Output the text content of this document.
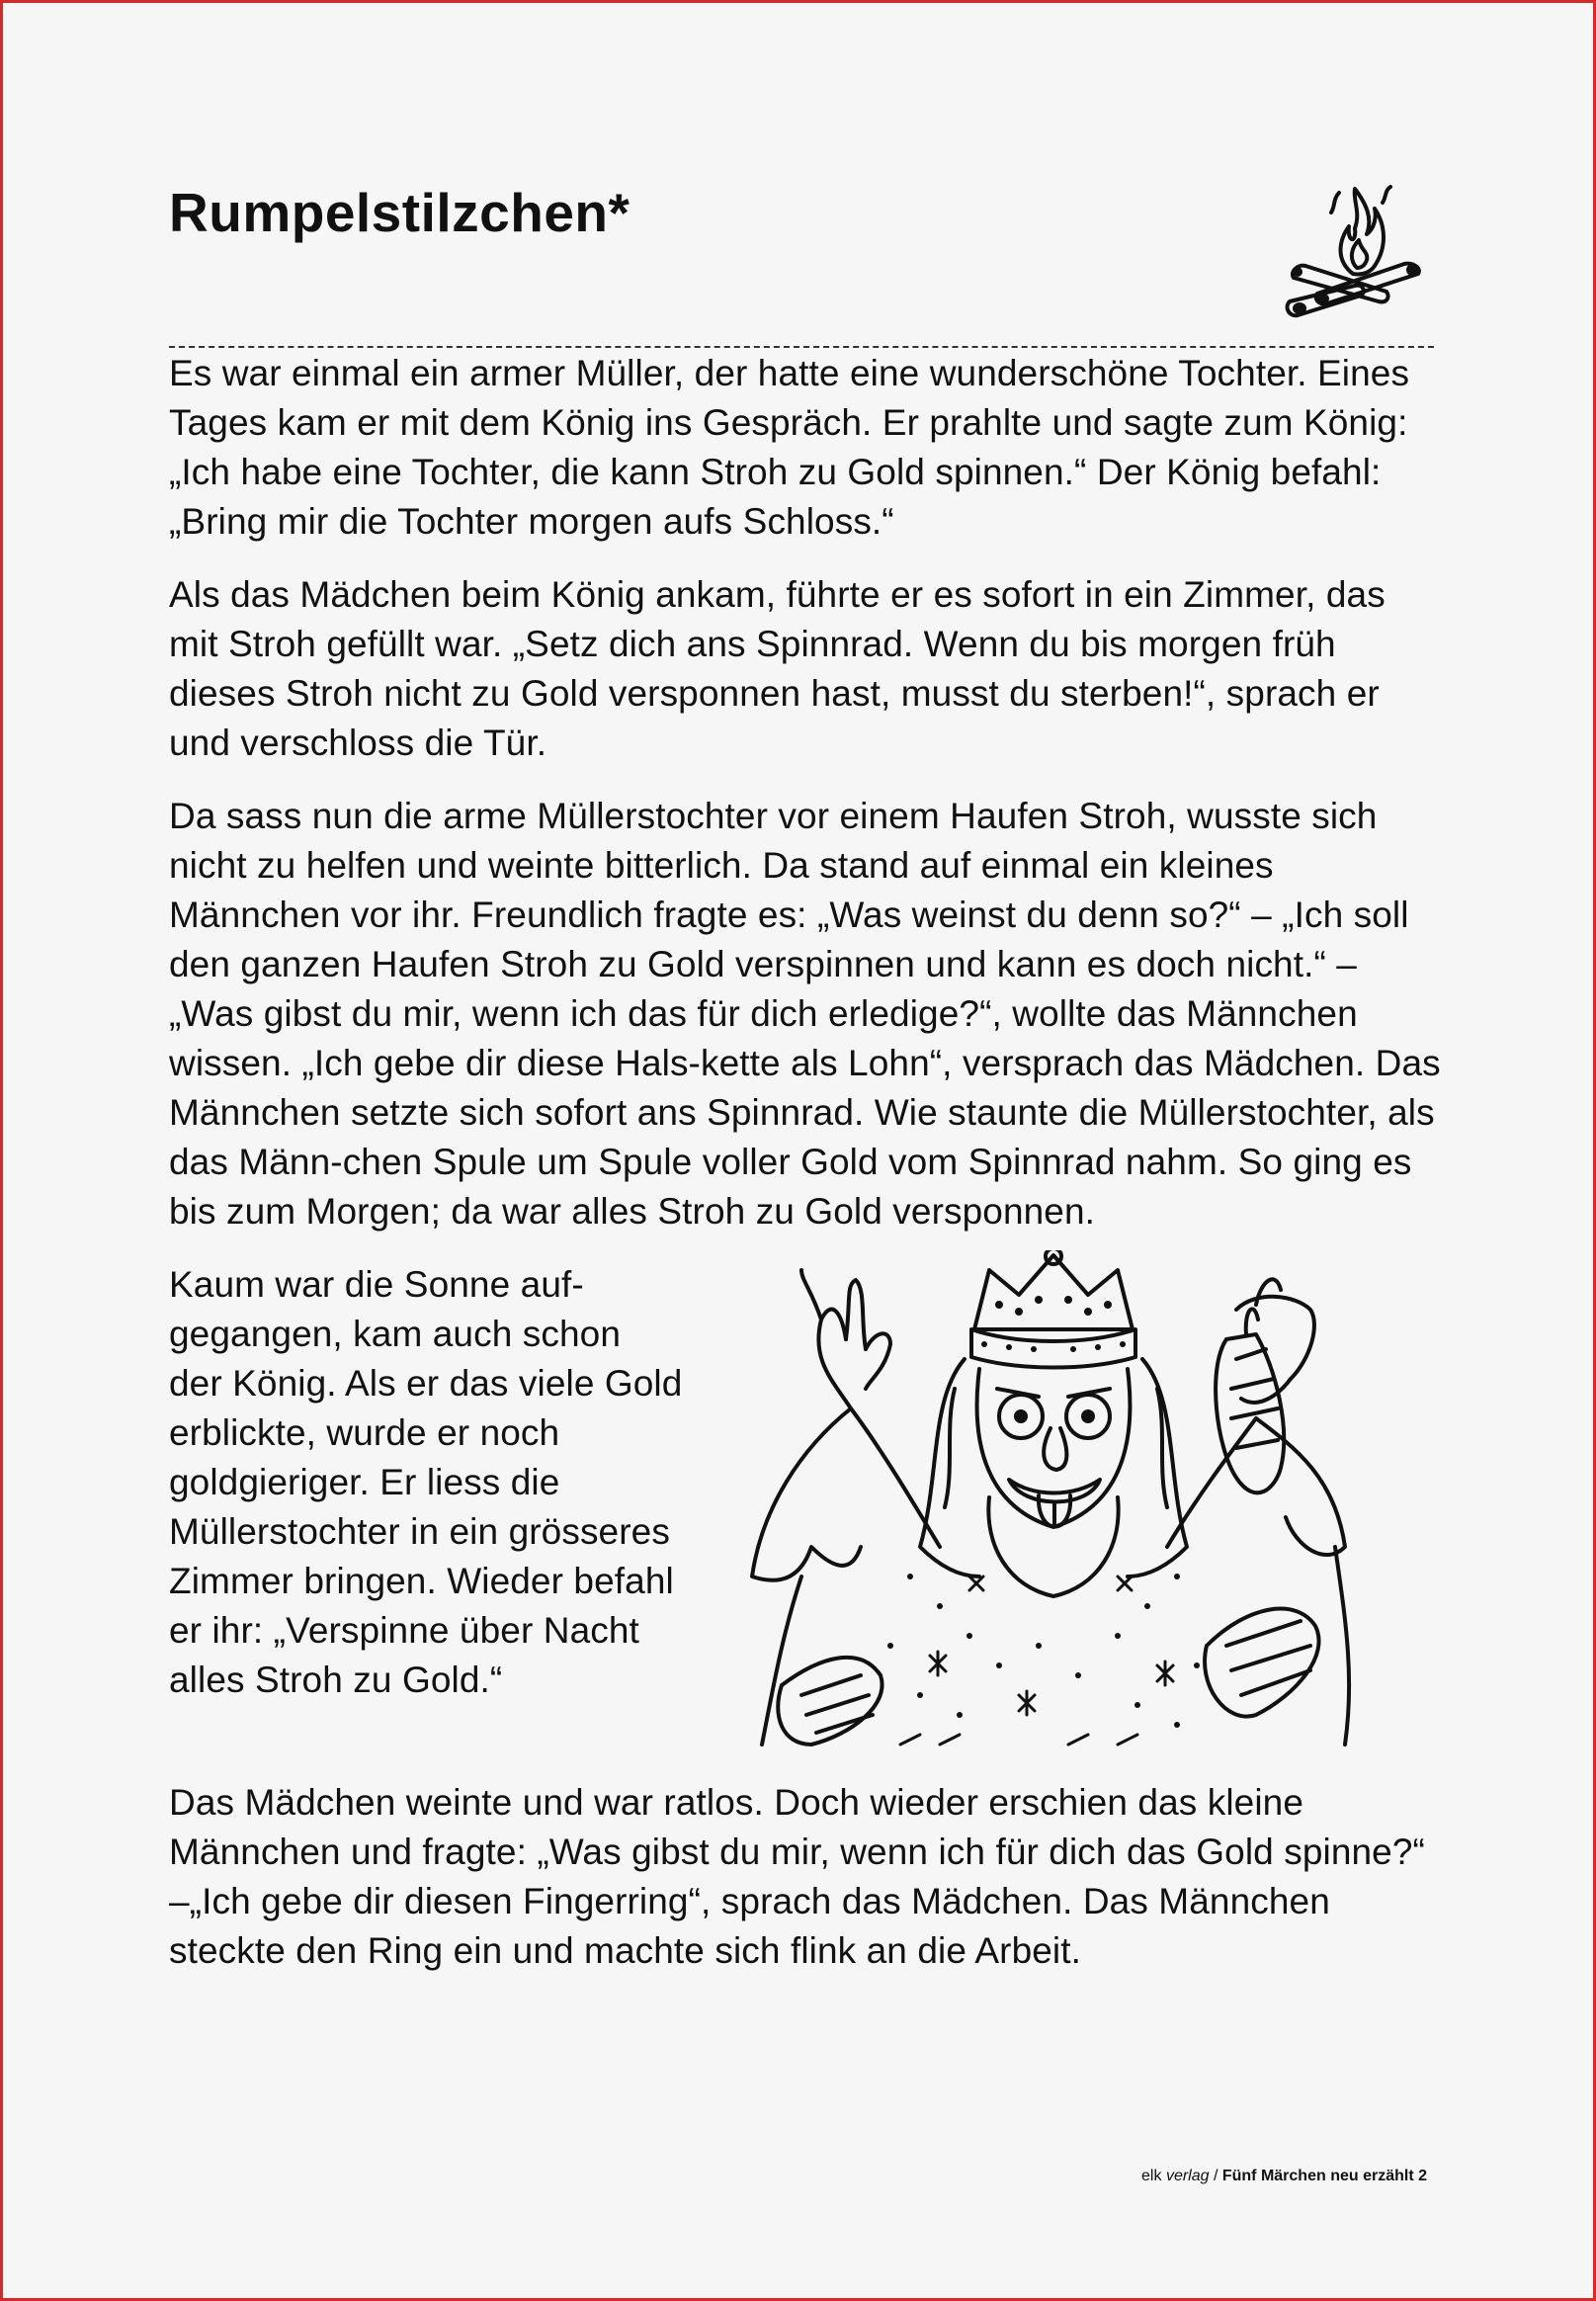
Rumpelstilzchen*

Es war einmal ein armer Müller, der hatte eine wunderschöne Tochter. Eines Tages kam er mit dem König ins Gespräch. Er prahlte und sagte zum König: „Ich habe eine Tochter, die kann Stroh zu Gold spinnen.“ Der König befahl: „Bring mir die Tochter morgen aufs Schloss.“

Als das Mädchen beim König ankam, führte er es sofort in ein Zimmer, das mit Stroh gefüllt war. „Setz dich ans Spinnrad. Wenn du bis morgen früh dieses Stroh nicht zu Gold versponnen hast, musst du sterben!“, sprach er und verschloss die Tür.

Da sass nun die arme Müllerstochter vor einem Haufen Stroh, wusste sich nicht zu helfen und weinte bitterlich. Da stand auf einmal ein kleines Männchen vor ihr. Freundlich fragte es: „Was weinst du denn so?“ – „Ich soll den ganzen Haufen Stroh zu Gold verspinnen und kann es doch nicht.“ – „Was gibst du mir, wenn ich das für dich erledige?“, wollte das Männchen wissen. „Ich gebe dir diese Hals-kette als Lohn“, versprach das Mädchen. Das Männchen setzte sich sofort ans Spinnrad. Wie staunte die Müllerstochter, als das Männ-chen Spule um Spule voller Gold vom Spinnrad nahm. So ging es bis zum Morgen; da war alles Stroh zu Gold versponnen.

Kaum war die Sonne auf-gegangen, kam auch schon der König. Als er das viele Gold erblickte, wurde er noch goldgieriger. Er liess die Müllerstochter in ein grösseres Zimmer bringen. Wieder befahl er ihr: „Verspinne über Nacht alles Stroh zu Gold.“

Das Mädchen weinte und war ratlos. Doch wieder erschien das kleine Männchen und fragte: „Was gibst du mir, wenn ich für dich das Gold spinne?“ –„Ich gebe dir diesen Fingerring“, sprach das Mädchen. Das Männchen steckte den Ring ein und machte sich flink an die Arbeit.

elk verlag / Fünf Märchen neu erzählt 2
